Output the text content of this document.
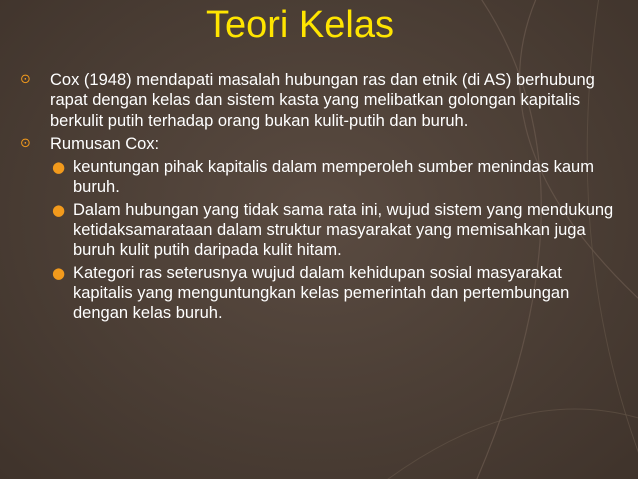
Teori Kelas
⊙ Cox (1948) mendapati masalah hubungan ras dan etnik (di AS) berhubung rapat dengan kelas dan sistem kasta yang melibatkan golongan kapitalis berkulit putih terhadap orang bukan kulit-putih dan buruh.
⊙ Rumusan Cox:
● keuntungan pihak kapitalis dalam memperoleh sumber menindas kaum buruh.
● Dalam hubungan yang tidak sama rata ini, wujud sistem yang mendukung ketidaksamarataan dalam struktur masyarakat yang memisahkan juga buruh kulit putih daripada kulit hitam.
● Kategori ras seterusnya wujud dalam kehidupan sosial masyarakat kapitalis yang menguntungkan kelas pemerintah dan pertembungan dengan kelas buruh.
